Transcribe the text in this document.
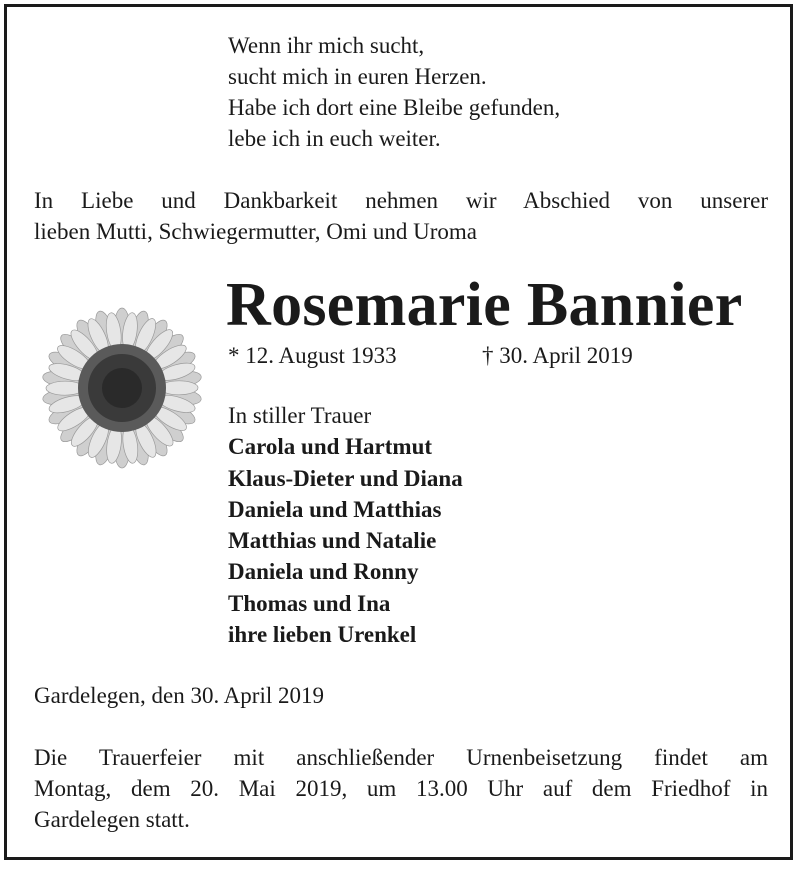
Wenn ihr mich sucht,
sucht mich in euren Herzen.
Habe ich dort eine Bleibe gefunden,
lebe ich in euch weiter.
In Liebe und Dankbarkeit nehmen wir Abschied von unserer
lieben Mutti, Schwiegermutter, Omi und Uroma
Rosemarie Bannier
* 12. August 1933	† 30. April 2019
In stiller Trauer
Carola und Hartmut
Klaus-Dieter und Diana
Daniela und Matthias
Matthias und Natalie
Daniela und Ronny
Thomas und Ina
ihre lieben Urenkel
Gardelegen, den 30. April 2019
Die Trauerfeier mit anschließender Urnenbeisetzung findet am
Montag, dem 20. Mai 2019, um 13.00 Uhr auf dem Friedhof in
Gardelegen statt.
